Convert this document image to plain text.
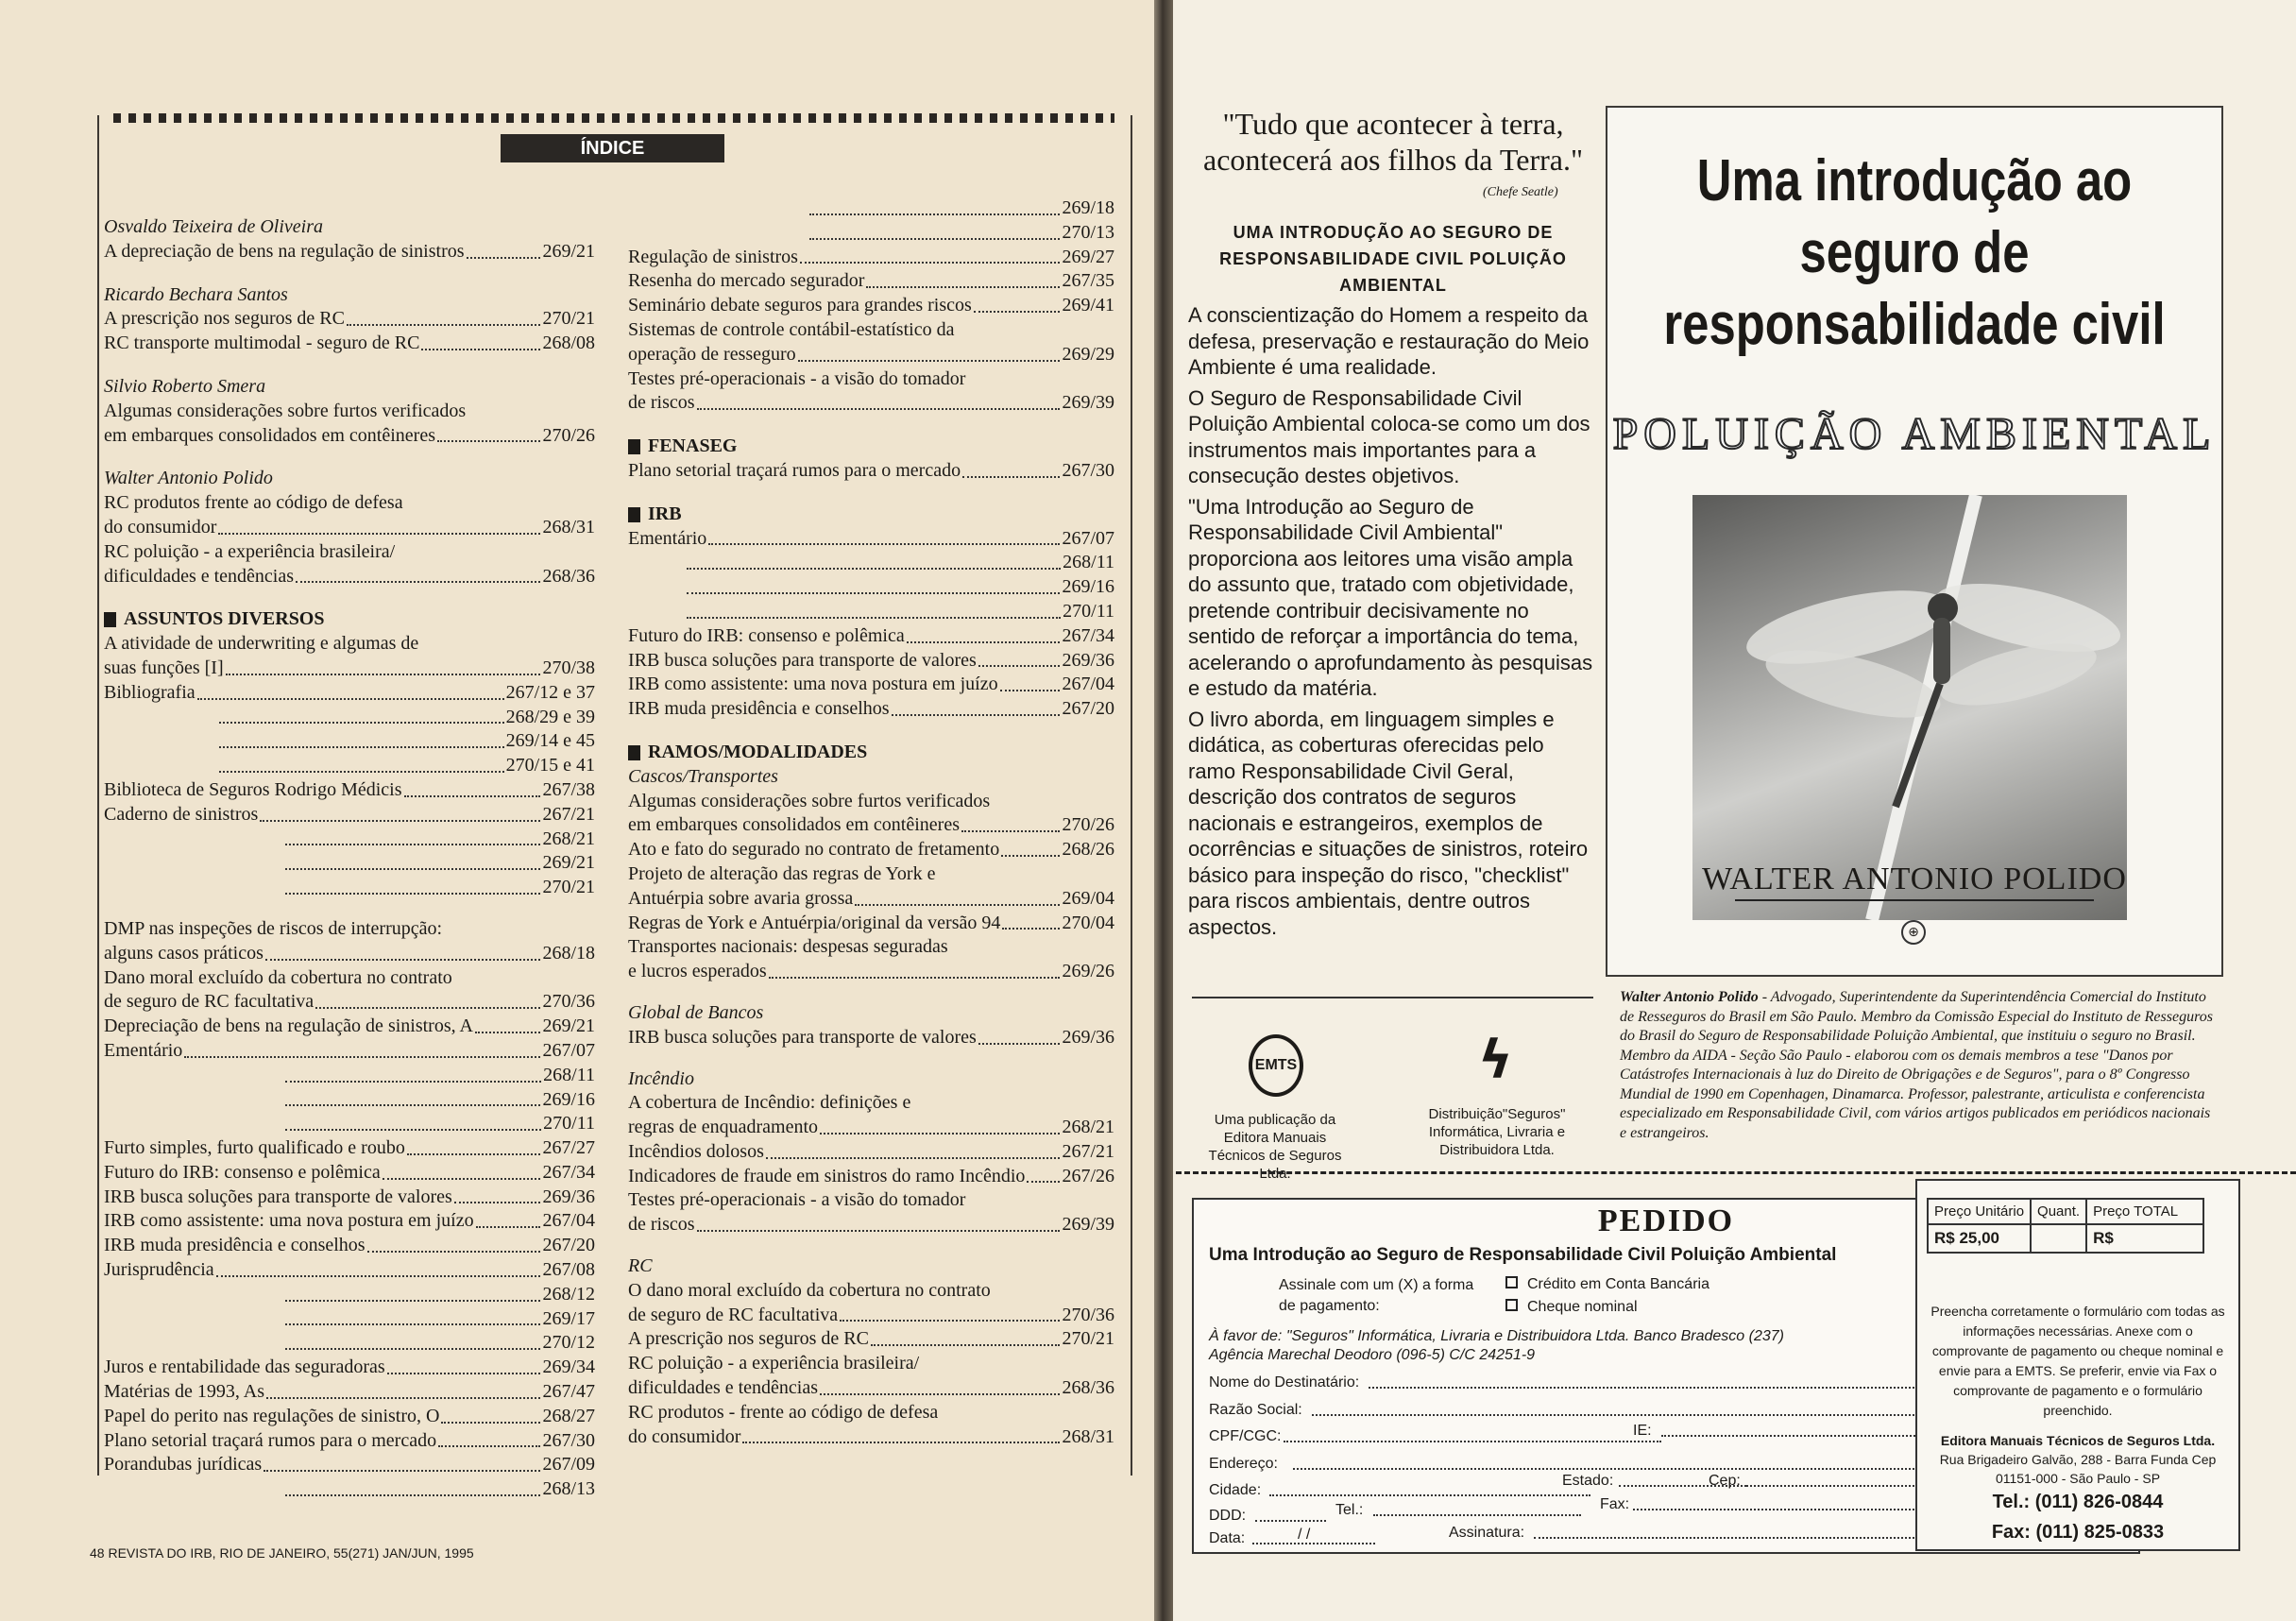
ÍNDICE
Osvaldo Teixeira de Oliveira
A depreciação de bens na regulação de sinistros	269/21
Ricardo Bechara Santos
A prescrição nos seguros de RC	270/21
RC transporte multimodal - seguro de RC	268/08
Silvio Roberto Smera
Algumas considerações sobre furtos verificados
em embarques consolidados em contêineres	270/26
Walter Antonio Polido
RC produtos frente ao código de defesa
do consumidor	268/31
RC poluição - a experiência brasileira/
dificuldades e tendências	268/36
ASSUNTOS DIVERSOS
A atividade de underwriting e algumas de
suas funções [I]	270/38
Bibliografia	267/12 e 37
268/29 e 39
269/14 e 45
270/15 e 41
Biblioteca de Seguros Rodrigo Médicis	267/38
Caderno de sinistros	267/21
268/21
269/21
270/21
DMP nas inspeções de riscos de interrupção:
alguns casos práticos	268/18
Dano moral excluído da cobertura no contrato
de seguro de RC facultativa	270/36
Depreciação de bens na regulação de sinistros, A	269/21
Ementário	267/07
268/11
269/16
270/11
Furto simples, furto qualificado e roubo	267/27
Futuro do IRB: consenso e polêmica	267/34
IRB busca soluções para transporte de valores	269/36
IRB como assistente: uma nova postura em juízo	267/04
IRB muda presidência e conselhos	267/20
Jurisprudência	267/08
268/12
269/17
270/12
Juros e rentabilidade das seguradoras	269/34
Matérias de 1993, As	267/47
Papel do perito nas regulações de sinistro, O	268/27
Plano setorial traçará rumos para o mercado	267/30
Porandubas jurídicas	267/09
268/13
269/18
270/13
Regulação de sinistros	269/27
Resenha do mercado segurador	267/35
Seminário debate seguros para grandes riscos	269/41
Sistemas de controle contábil-estatístico da
operação de resseguro	269/29
Testes pré-operacionais - a visão do tomador
de riscos	269/39
FENASEG
Plano setorial traçará rumos para o mercado	267/30
IRB
Ementário	267/07
268/11
269/16
270/11
Futuro do IRB: consenso e polêmica	267/34
IRB busca soluções para transporte de valores	269/36
IRB como assistente: uma nova postura em juízo	267/04
IRB muda presidência e conselhos	267/20
RAMOS/MODALIDADES
Cascos/Transportes
Algumas considerações sobre furtos verificados
em embarques consolidados em contêineres	270/26
Ato e fato do segurado no contrato de fretamento	268/26
Projeto de alteração das regras de York e
Antuérpia sobre avaria grossa	269/04
Regras de York e Antuérpia/original da versão 94	270/04
Transportes nacionais: despesas seguradas
e lucros esperados	269/26
Global de Bancos
IRB busca soluções para transporte de valores	269/36
Incêndio
A cobertura de Incêndio: definições e
regras de enquadramento	268/21
Incêndios dolosos	267/21
Indicadores de fraude em sinistros do ramo Incêndio 267/26
Testes pré-operacionais - a visão do tomador
de riscos	269/39
RC
O dano moral excluído da cobertura no contrato
de seguro de RC facultativa	270/36
A prescrição nos seguros de RC	270/21
RC poluição - a experiência brasileira/
dificuldades e tendências	268/36
RC produtos - frente ao código de defesa
do consumidor	268/31
48 REVISTA DO IRB, RIO DE JANEIRO, 55(271) JAN/JUN, 1995
"Tudo que acontecer à terra, acontecerá aos filhos da Terra."
(Chefe Seatle)
UMA INTRODUÇÃO AO SEGURO DE RESPONSABILIDADE CIVIL POLUIÇÃO AMBIENTAL

A conscientização do Homem a respeito da defesa, preservação e restauração do Meio Ambiente é uma realidade.

O Seguro de Responsabilidade Civil Poluição Ambiental coloca-se como um dos instrumentos mais importantes para a consecução destes objetivos.

"Uma Introdução ao Seguro de Responsabilidade Civil Ambiental" proporciona aos leitores uma visão ampla do assunto que, tratado com objetividade, pretende contribuir decisivamente no sentido de reforçar a importância do tema, acelerando o aprofundamento às pesquisas e estudo da matéria.

O livro aborda, em linguagem simples e didática, as coberturas oferecidas pelo ramo Responsabilidade Civil Geral, descrição dos contratos de seguros nacionais e estrangeiros, exemplos de ocorrências e situações de sinistros, roteiro básico para inspeção do risco, "checklist" para riscos ambientais, dentre outros aspectos.

EMTS
Uma publicação da Editora Manuais Técnicos de Seguros Ltda.
ϟ
Distribuição"Seguros" Informática, Livraria e Distribuidora Ltda.
Uma introdução ao seguro de responsabilidade civil
POLUIÇÃO AMBIENTAL
WALTER ANTONIO POLIDO
⊕
Walter Antonio Polido - Advogado, Superintendente da Superintendência Comercial do Instituto de Resseguros do Brasil em São Paulo. Membro da Comissão Especial do Instituto de Resseguros do Brasil do Seguro de Responsabilidade Poluição Ambiental, que instituiu o seguro no Brasil. Membro da AIDA - Seção São Paulo - elaborou com os demais membros a tese "Danos por Catástrofes Internacionais à luz do Direito de Obrigações e de Seguros", para o 8º Congresso Mundial de 1990 em Copenhagen, Dinamarca. Professor, palestrante, articulista e conferencista especializado em Responsabilidade Civil, com vários artigos publicados em periódicos nacionais e estrangeiros.
PEDIDO
Uma Introdução ao Seguro de Responsabilidade Civil Poluição Ambiental
Assinale com um (X) a forma de pagamento:
Crédito em Conta Bancária
Cheque nominal
À favor de: "Seguros" Informática, Livraria e Distribuidora Ltda. Banco Bradesco (237) Agência Marechal Deodoro (096-5) C/C 24251-9
Nome do Destinatário:
Razão Social:
CPF/CGC:	IE:
Endereço:
Cidade:
Estado:	Cep:
DDD:	Tel.:	Fax:
Data:	/ /	Assinatura:
Preço Unitário	Quant.	Preço TOTAL
R$ 25,00		R$
Preencha corretamente o formulário com todas as informações necessárias. Anexe com o comprovante de pagamento ou cheque nominal e envie para a EMTS. Se preferir, envie via Fax o comprovante de pagamento e o formulário preenchido.
Editora Manuais Técnicos de Seguros Ltda.
Rua Brigadeiro Galvão, 288 - Barra Funda Cep 01151-000 - São Paulo - SP
Tel.: (011) 826-0844
Fax: (011) 825-0833
